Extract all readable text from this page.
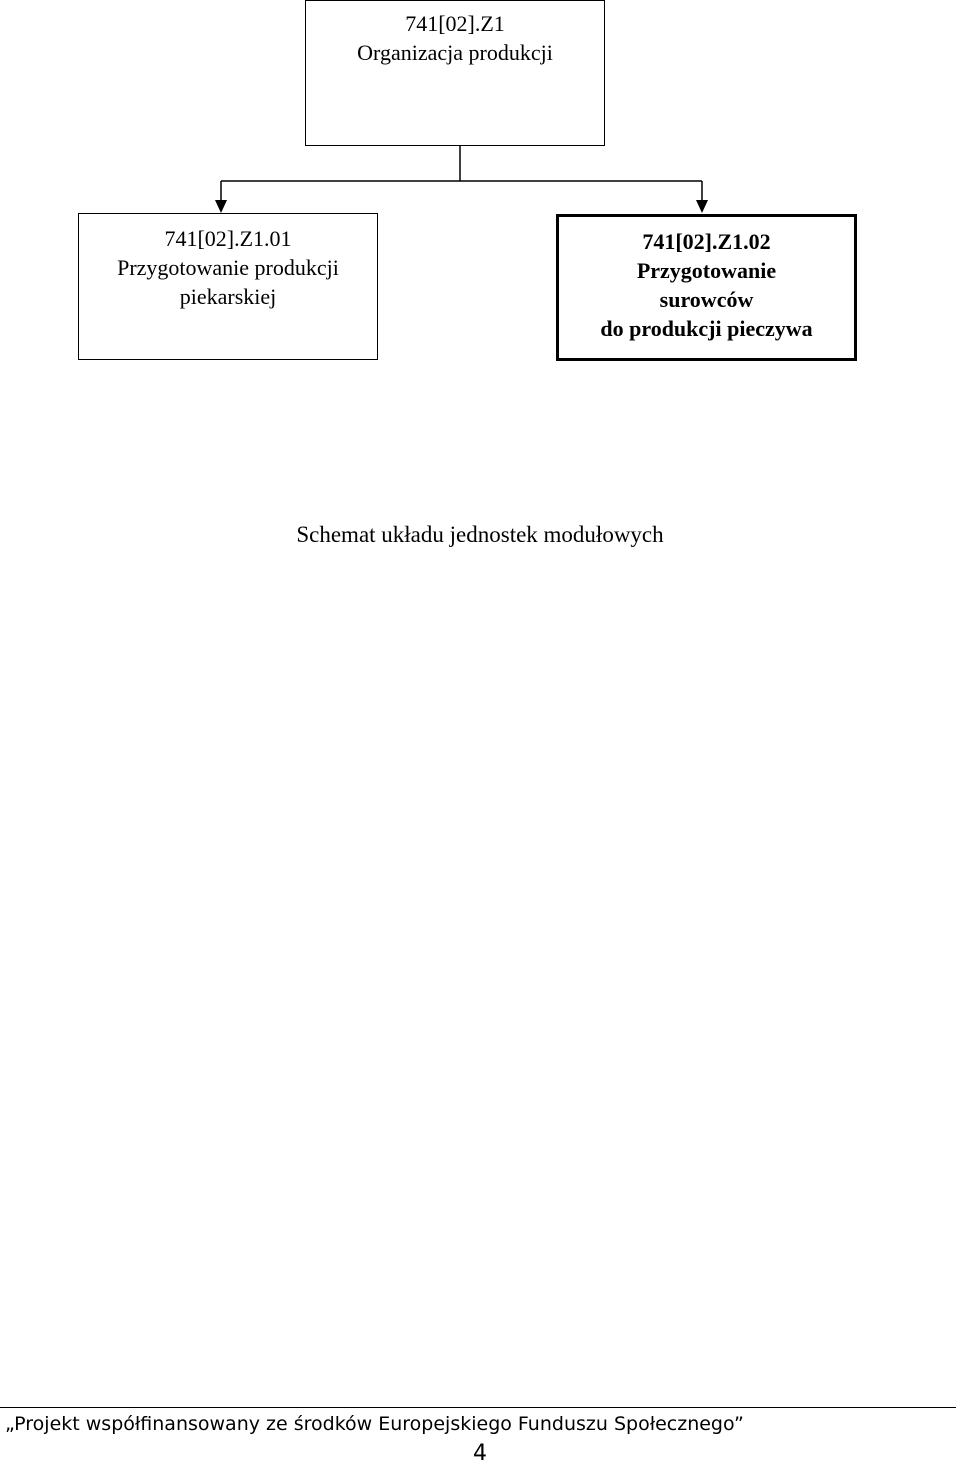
741[02].Z1
Organizacja produkcji
741[02].Z1.01
Przygotowanie produkcji
piekarskiej
741[02].Z1.02
Przygotowanie
surowców
do produkcji pieczywa
Schemat układu jednostek modułowych
„Projekt współfinansowany ze środków Europejskiego Funduszu Społecznego”
4
